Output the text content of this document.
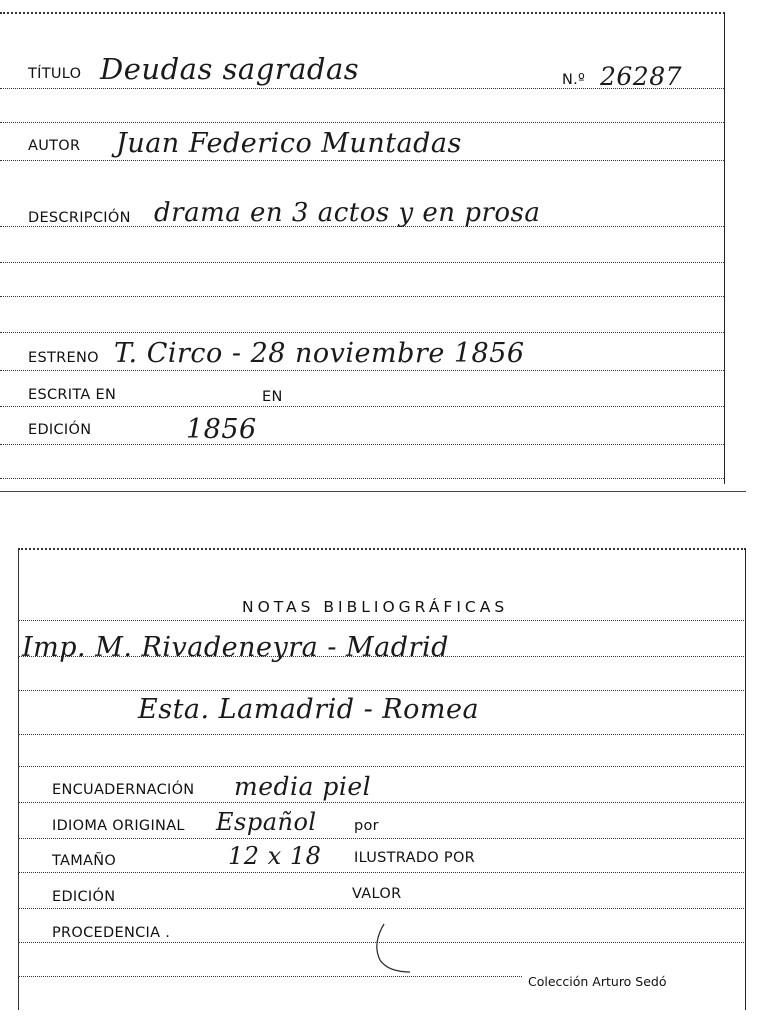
TÍTULO Deudas sagradas	N.º 26287
AUTOR Juan Federico Muntadas
DESCRIPCIÓN drama en 3 actos y en prosa
ESTRENO T. Circo - 28 noviembre 1856
ESCRITA EN	EN
EDICIÓN	1856
NOTAS BIBLIOGRÁFICAS
Imp. M. Rivadeneyra - Madrid
Esta. Lamadrid - Romea
ENCUADERNACIÓN media piel
IDIOMA ORIGINAL Español	por
TAMAÑO	12 x 18 ILUSTRADO POR
EDICIÓN	VALOR
PROCEDENCIA .
Colección Arturo Sedó
